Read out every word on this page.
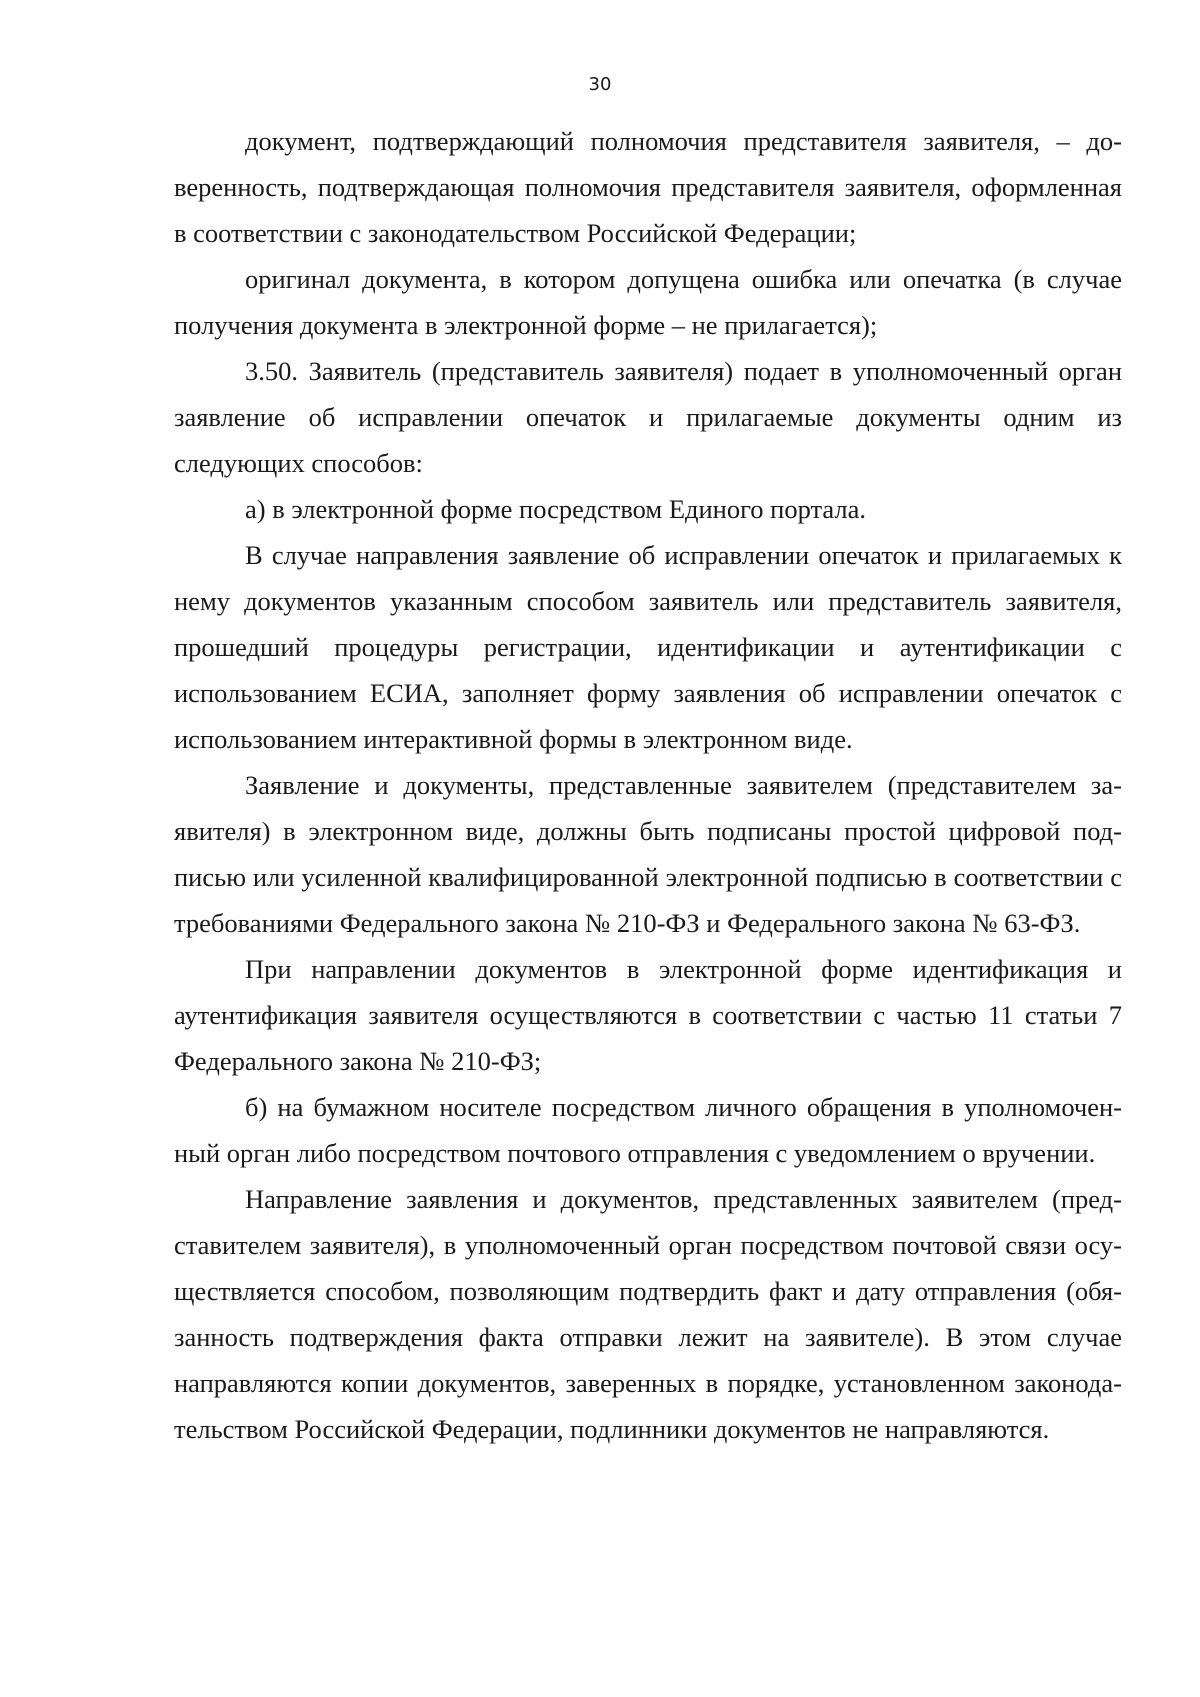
30

документ, подтверждающий полномочия представителя заявителя, – доверенность, подтверждающая полномочия представителя заявителя, оформленная в соответствии с законодательством Российской Федерации;

оригинал документа, в котором допущена ошибка или опечатка (в случае получения документа в электронной форме – не прилагается);

3.50. Заявитель (представитель заявителя) подает в уполномоченный орган заявление об исправлении опечаток и прилагаемые документы одним из следующих способов:

а) в электронной форме посредством Единого портала.

В случае направления заявление об исправлении опечаток и прилагаемых к нему документов указанным способом заявитель или представитель заявителя, прошедший процедуры регистрации, идентификации и аутентификации с использованием ЕСИА, заполняет форму заявления об исправлении опечаток с использованием интерактивной формы в электронном виде.

Заявление и документы, представленные заявителем (представителем заявителя) в электронном виде, должны быть подписаны простой цифровой подписью или усиленной квалифицированной электронной подписью в соответствии с требованиями Федерального закона № 210-ФЗ и Федерального закона № 63-ФЗ.

При направлении документов в электронной форме идентификация и аутентификация заявителя осуществляются в соответствии с частью 11 статьи 7 Федерального закона № 210-ФЗ;

б) на бумажном носителе посредством личного обращения в уполномоченный орган либо посредством почтового отправления с уведомлением о вручении.

Направление заявления и документов, представленных заявителем (представителем заявителя), в уполномоченный орган посредством почтовой связи осуществляется способом, позволяющим подтвердить факт и дату отправления (обязанность подтверждения факта отправки лежит на заявителе). В этом случае направляются копии документов, заверенных в порядке, установленном законодательством Российской Федерации, подлинники документов не направляются.
